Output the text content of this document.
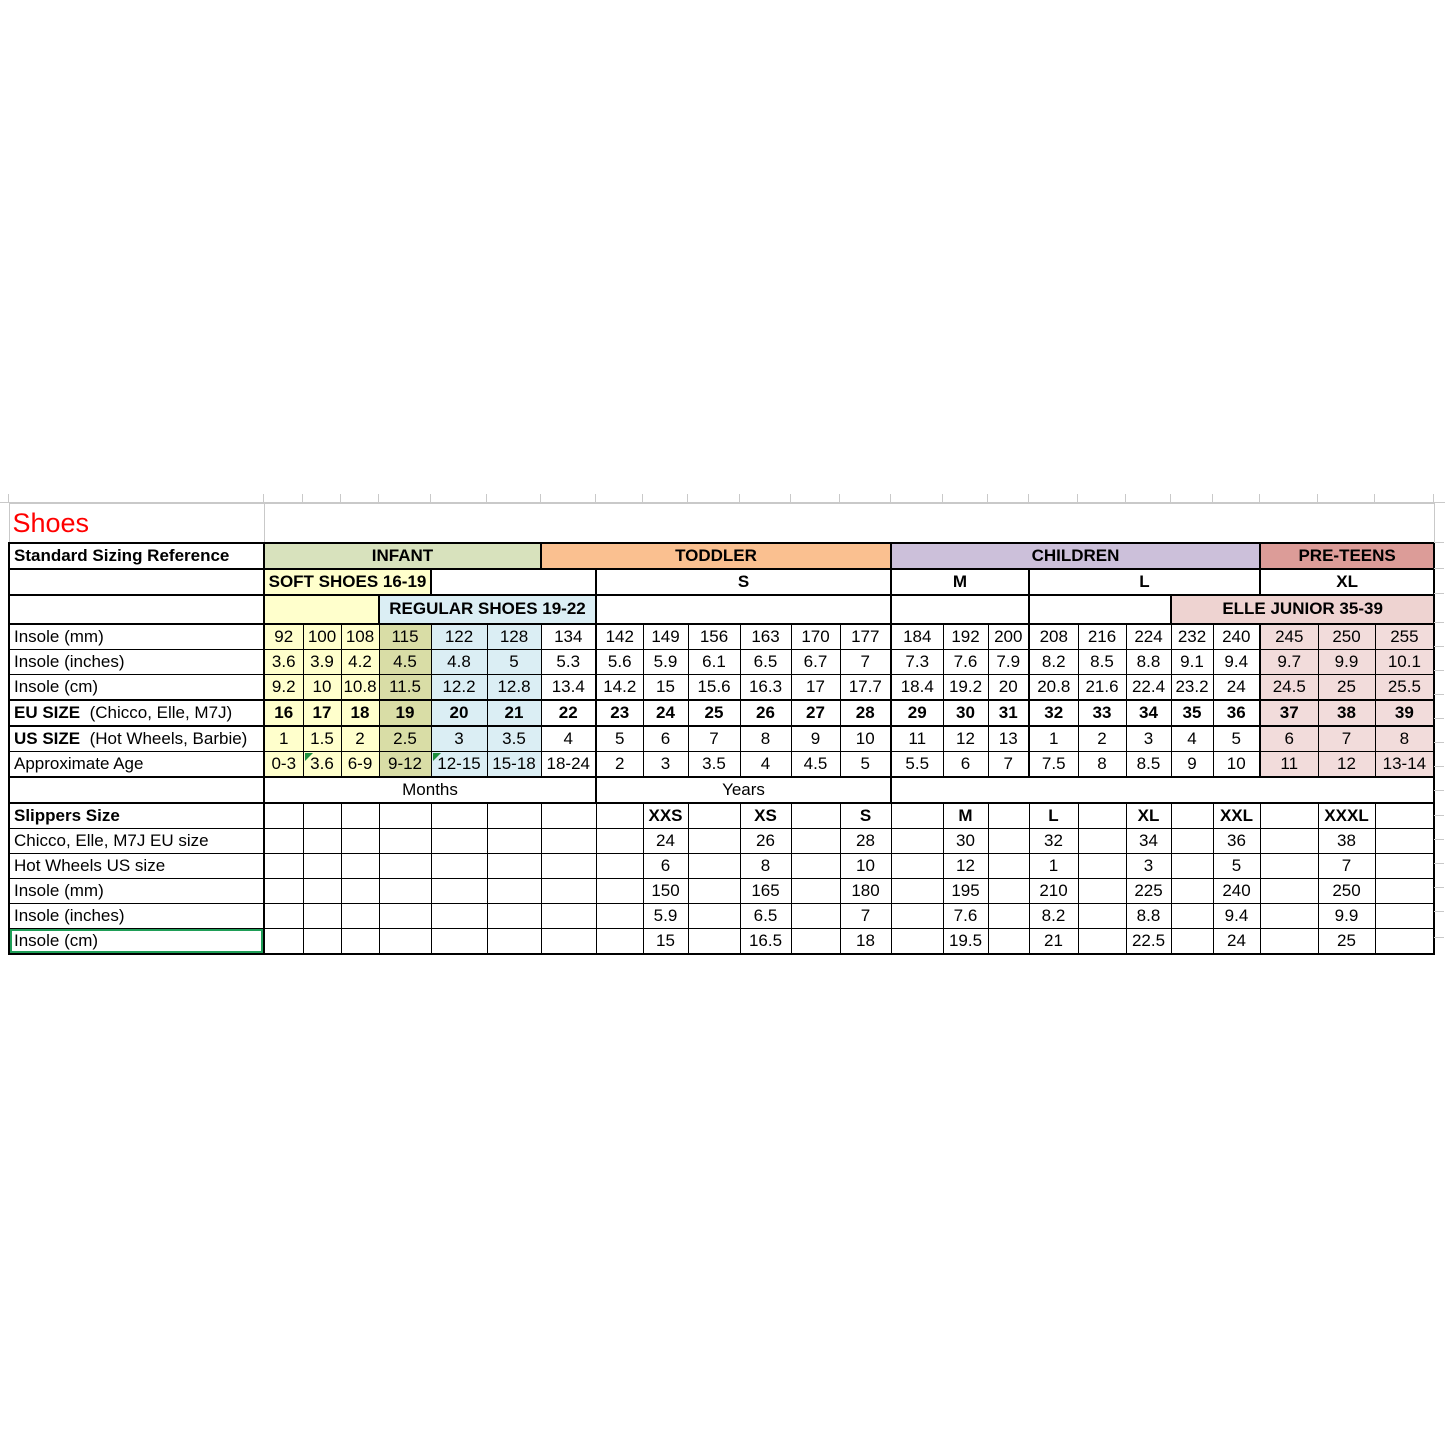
Shoes																								
Standard Sizing Reference	INFANT						TODDLER							CHILDREN								PRE-TEENS		
	SOFT SHOES 16-19							S						M			L					XL		
				REGULAR SHOES 19-22																ELLE JUNIOR 35-39				
Insole (mm)	92	100	108	115	122	128	134	142	149	156	163	170	177	184	192	200	208	216	224	232	240	245	250	255
Insole (inches)	3.6	3.9	4.2	4.5	4.8	5	5.3	5.6	5.9	6.1	6.5	6.7	7	7.3	7.6	7.9	8.2	8.5	8.8	9.1	9.4	9.7	9.9	10.1
Insole (cm)	9.2	10	10.8	11.5	12.2	12.8	13.4	14.2	15	15.6	16.3	17	17.7	18.4	19.2	20	20.8	21.6	22.4	23.2	24	24.5	25	25.5
EU SIZE  (Chicco, Elle, M7J)	16	17	18	19	20	21	22	23	24	25	26	27	28	29	30	31	32	33	34	35	36	37	38	39
US SIZE  (Hot Wheels, Barbie)	1	1.5	2	2.5	3	3.5	4	5	6	7	8	9	10	11	12	13	1	2	3	4	5	6	7	8
Approximate Age	0-3	3.6	6-9	9-12	12-15	15-18	18-24	2	3	3.5	4	4.5	5	5.5	6	7	7.5	8	8.5	9	10	11	12	13-14
	Months							Years																
Slippers Size									XXS		XS		S		M		L		XL		XXL		XXXL	
Chicco, Elle, M7J EU size									24		26		28		30		32		34		36		38	
Hot Wheels US size									6		8		10		12		1		3		5		7	
Insole (mm)									150		165		180		195		210		225		240		250	
Insole (inches)									5.9		6.5		7		7.6		8.2		8.8		9.4		9.9	
Insole (cm)									15		16.5		18		19.5		21		22.5		24		25	
